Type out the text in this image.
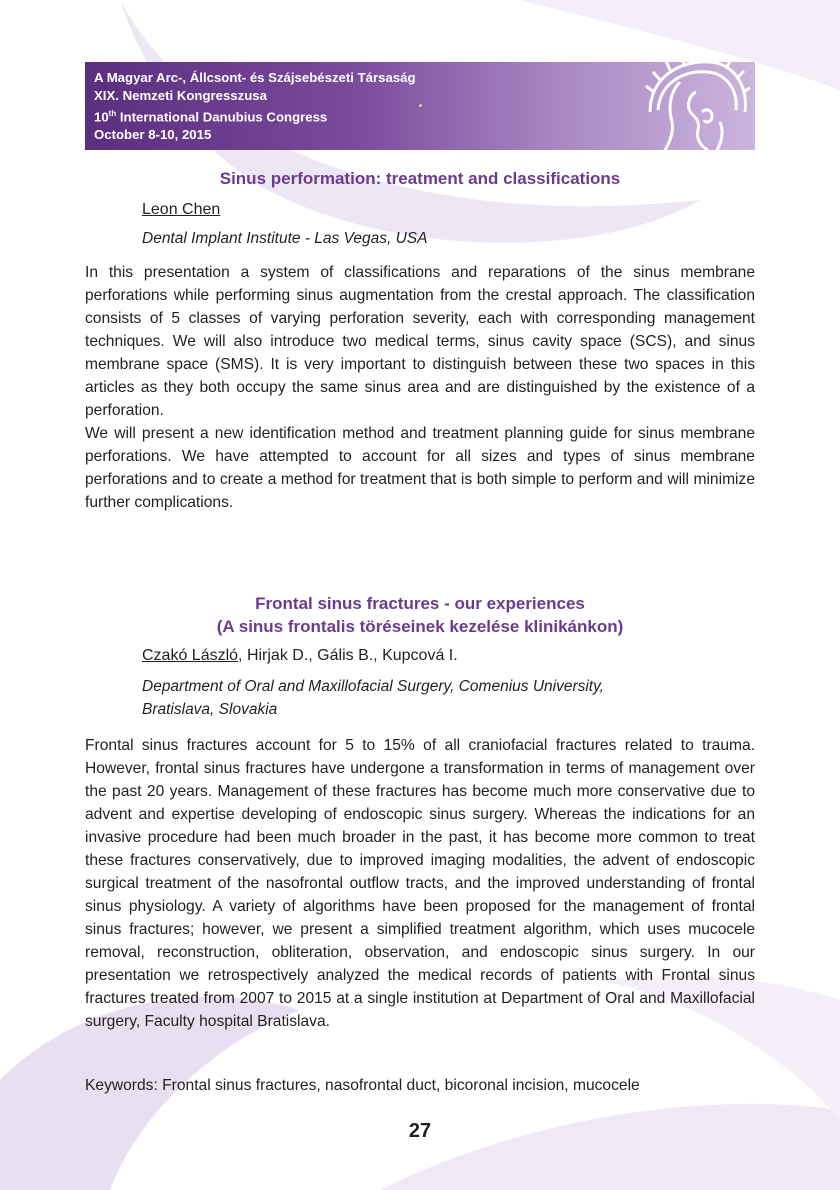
A Magyar Arc-, Állcsont- és Szájsebészeti Társaság
XIX. Nemzeti Kongresszusa
10th International Danubius Congress
October 8-10, 2015
Sinus performation: treatment and classifications
Leon Chen
Dental Implant Institute - Las Vegas, USA

In this presentation a system of classifications and reparations of the sinus membrane perforations while performing sinus augmentation from the crestal approach. The classification consists of 5 classes of varying perforation severity, each with corresponding management techniques. We will also introduce two medical terms, sinus cavity space (SCS), and sinus membrane space (SMS). It is very important to distinguish between these two spaces in this articles as they both occupy the same sinus area and are distinguished by the existence of a perforation.

We will present a new identification method and treatment planning guide for sinus membrane perforations. We have attempted to account for all sizes and types of sinus membrane perforations and to create a method for treatment that is both simple to perform and will minimize further complications.

Frontal sinus fractures - our experiences
(A sinus frontalis töréseinek kezelése klinikánkon)
Czakó László, Hirjak D., Gális B., Kupcová I.
Department of Oral and Maxillofacial Surgery, Comenius University,
Bratislava, Slovakia

Frontal sinus fractures account for 5 to 15% of all craniofacial fractures related to trauma. However, frontal sinus fractures have undergone a transformation in terms of management over the past 20 years. Management of these fractures has become much more conservative due to advent and expertise developing of endoscopic sinus surgery. Whereas the indications for an invasive procedure had been much broader in the past, it has become more common to treat these fractures conservatively, due to improved imaging modalities, the advent of endoscopic surgical treatment of the nasofrontal outflow tracts, and the improved understanding of frontal sinus physiology. A variety of algorithms have been proposed for the management of frontal sinus fractures; however, we present a simplified treatment algorithm, which uses mucocele removal, reconstruction, obliteration, observation, and endoscopic sinus surgery. In our presentation we retrospectively analyzed the medical records of patients with Frontal sinus fractures treated from 2007 to 2015 at a single institution at Department of Oral and Maxillofacial surgery, Faculty hospital Bratislava.

Keywords: Frontal sinus fractures, nasofrontal duct, bicoronal incision, mucocele
27
